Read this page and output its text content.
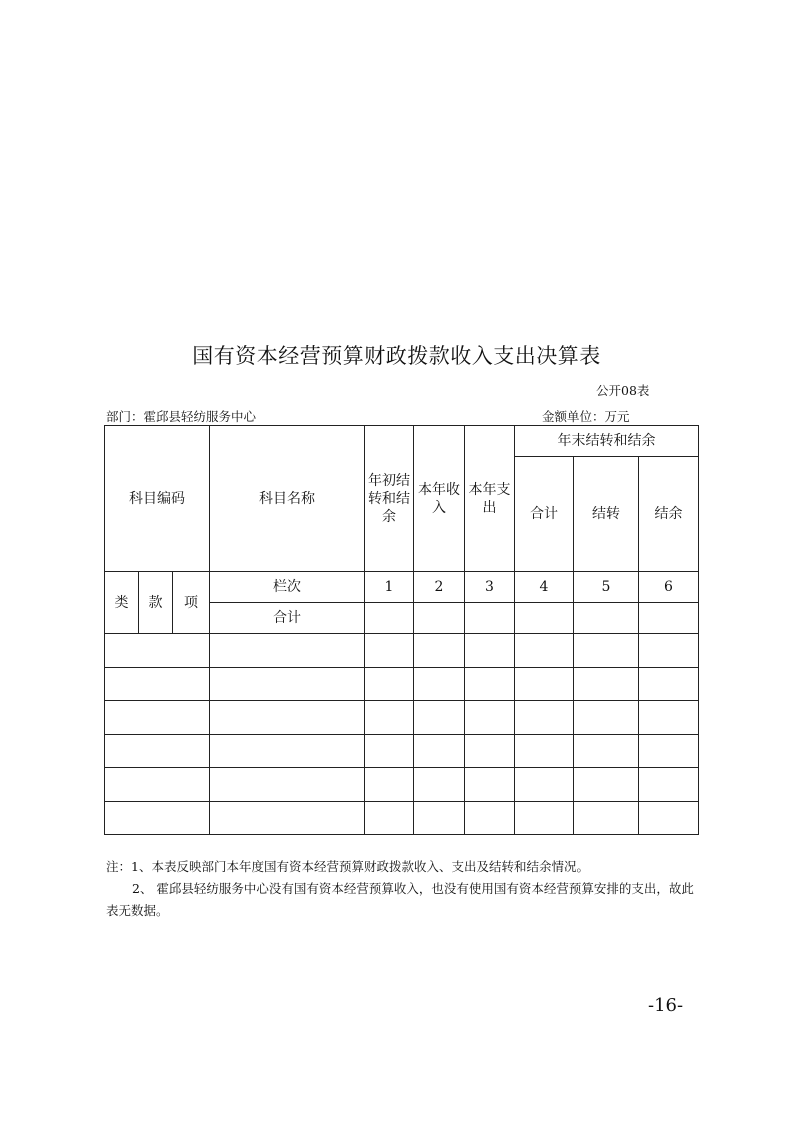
国有资本经营预算财政拨款收入支出决算表
公开08表
部门：霍邱县轻纺服务中心	金额单位：万元
科目编码			科目名称	年初结转和结余	本年收入	本年支出	年末结转和结余		
							合计	结转	结余
类	款	项	栏次	1	2	3	4	5	6
			合计						

注：1、本表反映部门本年度国有资本经营预算财政拨款收入、支出及结转和结余情况。

2、 霍邱县轻纺服务中心没有国有资本经营预算收入，也没有使用国有资本经营预算安排的支出，故此表无数据。

-16-
